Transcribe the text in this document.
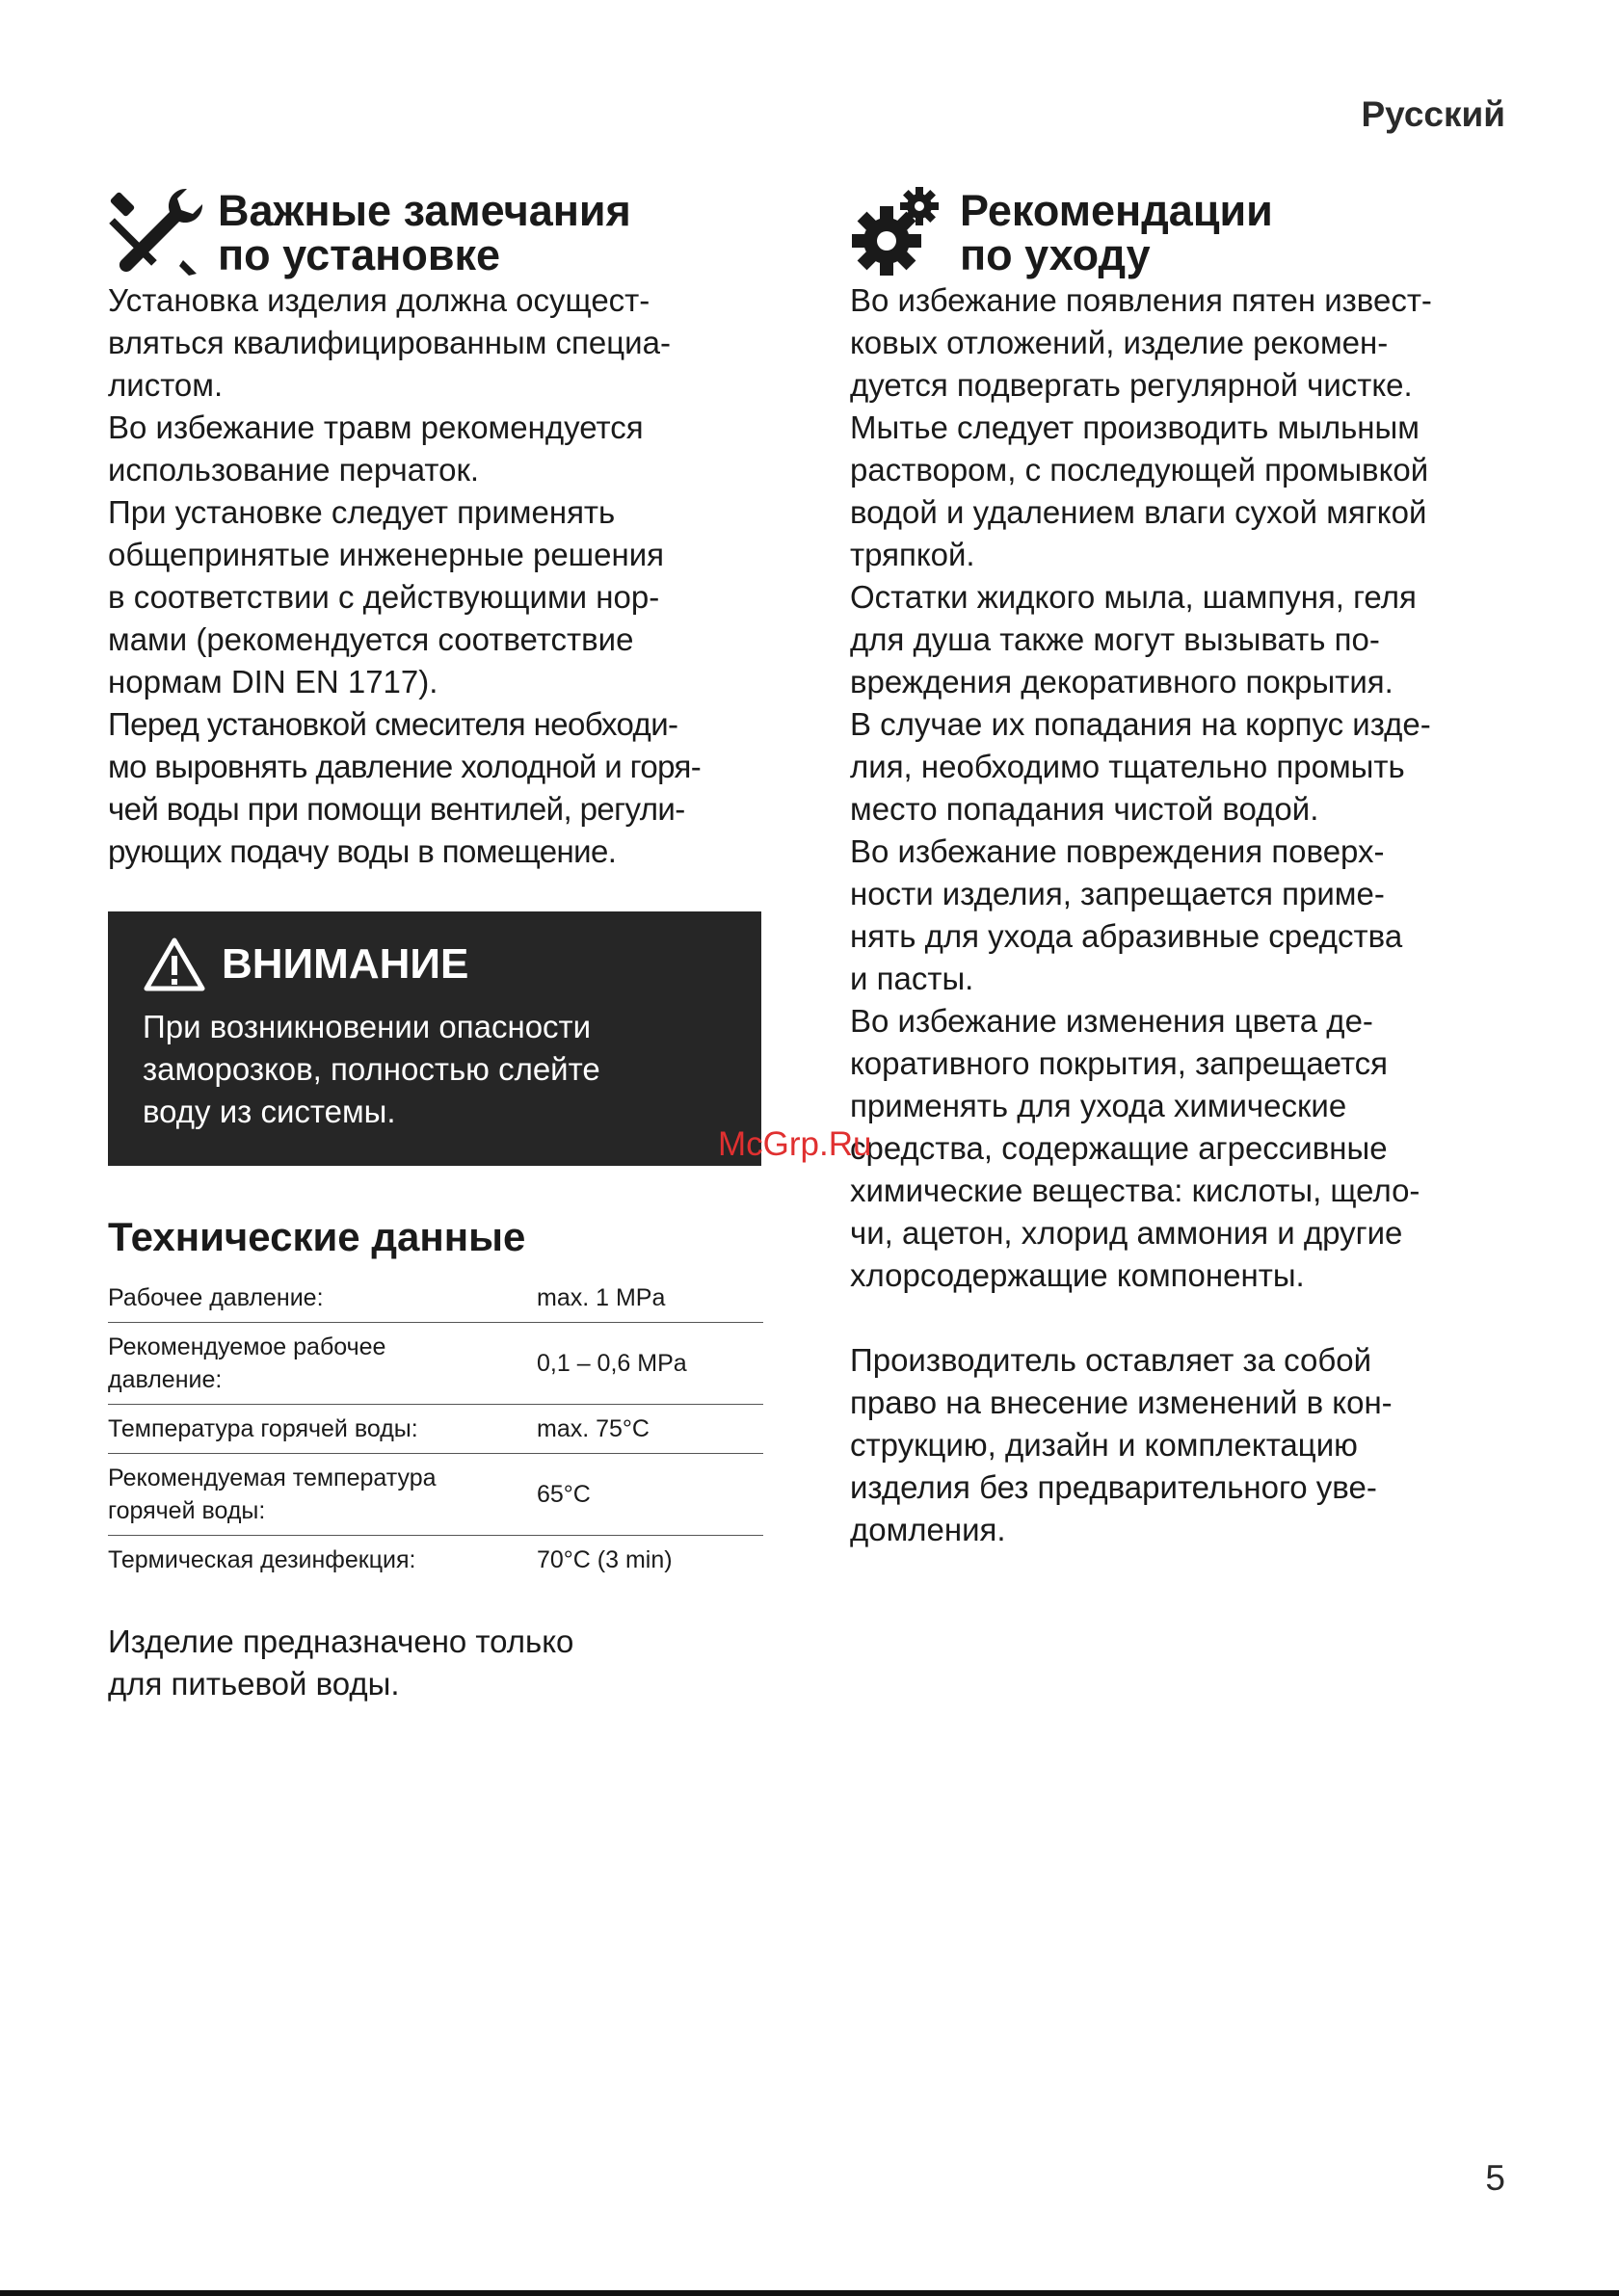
Русский
Важные замечания
по установке

Установка изделия должна осущест-
вляться квалифицированным специа-
листом.

Во избежание травм рекомендуется
использование перчаток.

При установке следует применять
общепринятые инженерные решения
в соответствии с действующими нор-
мами (рекомендуется соответствие
нормам DIN EN 1717).

Перед установкой смесителя необходи-
мо выровнять давление холодной и горя-
чей воды при помощи вентилей, регули-
рующих подачу воды в помещение.

ВНИМАНИЕ

При возникновении опасности
заморозков, полностью слейте
воду из системы.

Технические данные
Рабочее давление:	max. 1 MPa
Рекомендуемое рабочее
давление:	0,1 – 0,6 MPa
Температура горячей воды:	max. 75°C
Рекомендуемая температура
горячей воды:	65°C
Термическая дезинфекция:	70°C (3 min)

Изделие предназначено только
для питьевой воды.

Рекомендации
по уходу

Во избежание появления пятен извест-
ковых отложений, изделие рекомен-
дуется подвергать регулярной чистке.

Мытье следует производить мыльным
раствором, с последующей промывкой
водой и удалением влаги сухой мягкой
тряпкой.

Остатки жидкого мыла, шампуня, геля
для душа также могут вызывать по-
вреждения декоративного покрытия.

В случае их попадания на корпус изде-
лия, необходимо тщательно промыть
место попадания чистой водой.

Во избежание повреждения поверх-
ности изделия, запрещается приме-
нять для ухода абразивные средства
и пасты.

Во избежание изменения цвета де-
коративного покрытия, запрещается
применять для ухода химические
средства, содержащие агрессивные
химические вещества: кислоты, щело-
чи, ацетон, хлорид аммония и другие
хлорсодержащие компоненты.

Производитель оставляет за собой
право на внесение изменений в кон-
струкцию, дизайн и комплектацию
изделия без предварительного уве-
домления.

McGrp.Ru
5
